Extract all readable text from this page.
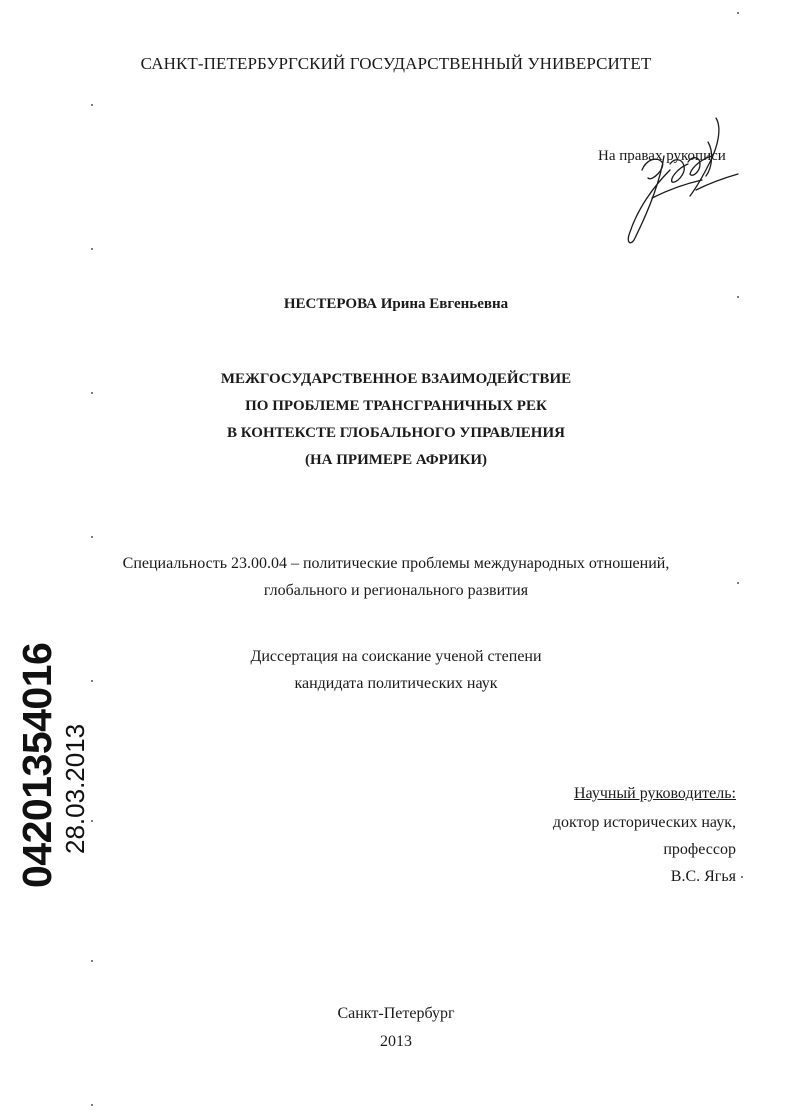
САНКТ-ПЕТЕРБУРГСКИЙ ГОСУДАРСТВЕННЫЙ УНИВЕРСИТЕТ
На правах рукописи
НЕСТЕРОВА Ирина Евгеньевна
МЕЖГОСУДАРСТВЕННОЕ ВЗАИМОДЕЙСТВИЕ
ПО ПРОБЛЕМЕ ТРАНСГРАНИЧНЫХ РЕК
В КОНТЕКСТЕ ГЛОБАЛЬНОГО УПРАВЛЕНИЯ
(НА ПРИМЕРЕ АФРИКИ)
Специальность 23.00.04 – политические проблемы международных отношений,
глобального и регионального развития
Диссертация на соискание ученой степени
кандидата политических наук
Научный руководитель:
доктор исторических наук,
профессор
В.С. Ягья
Санкт-Петербург
2013
04201354016 28.03.2013
